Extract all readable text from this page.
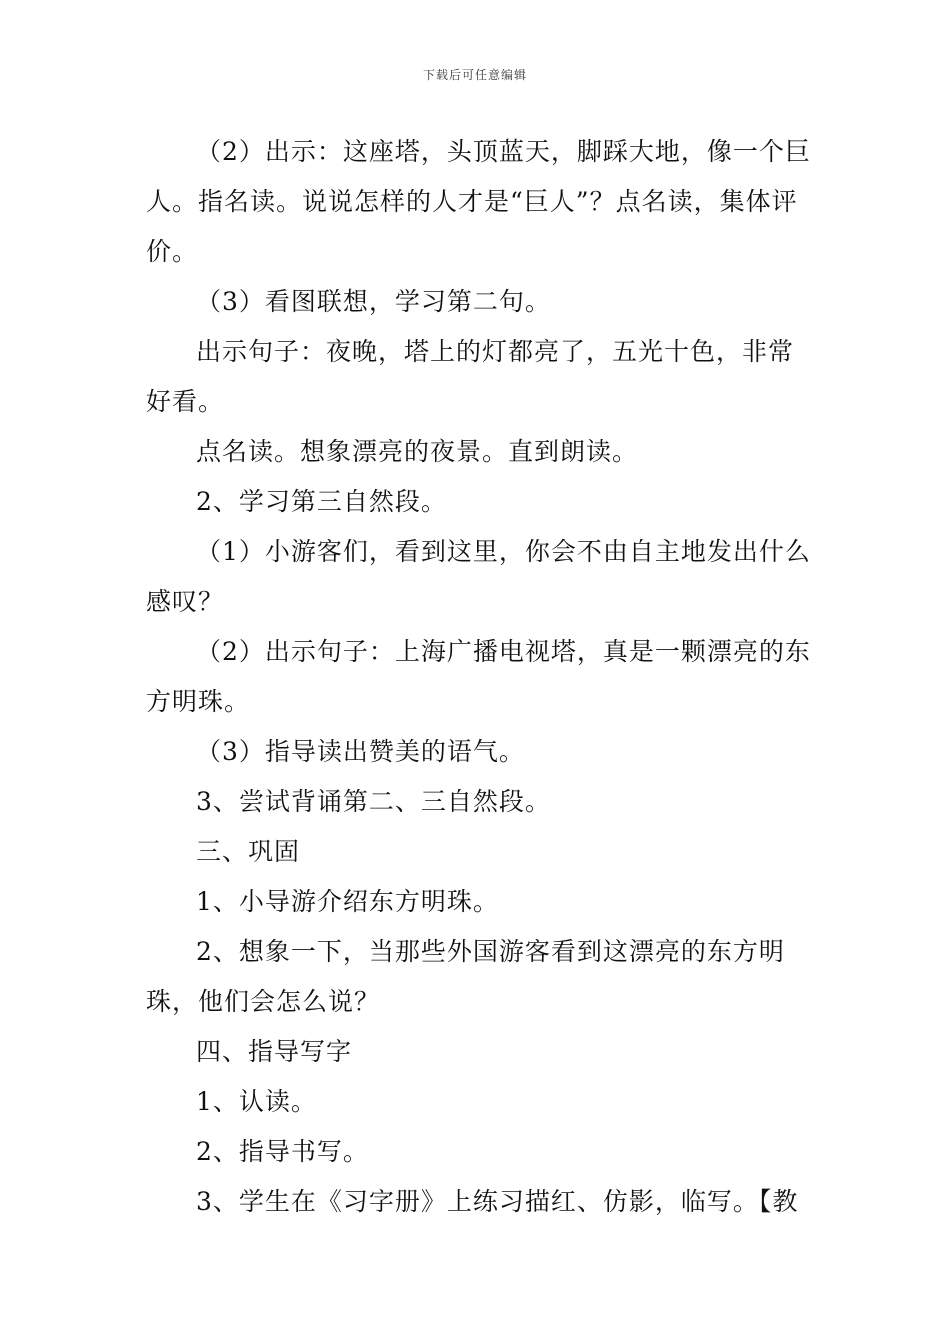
下载后可任意编辑

（2）出示：这座塔，头顶蓝天，脚踩大地，像一个巨人。指名读。说说怎样的人才是“巨人”？点名读，集体评价。

（3）看图联想，学习第二句。

出示句子：夜晚，塔上的灯都亮了，五光十色，非常好看。

点名读。想象漂亮的夜景。直到朗读。

2、学习第三自然段。

（1）小游客们，看到这里，你会不由自主地发出什么感叹？

（2）出示句子：上海广播电视塔，真是一颗漂亮的东方明珠。

（3）指导读出赞美的语气。

3、尝试背诵第二、三自然段。

三、巩固

1、小导游介绍东方明珠。

2、想象一下，当那些外国游客看到这漂亮的东方明珠，他们会怎么说？

四、指导写字

1、认读。

2、指导书写。

3、学生在《习字册》上练习描红、仿影，临写。【教
